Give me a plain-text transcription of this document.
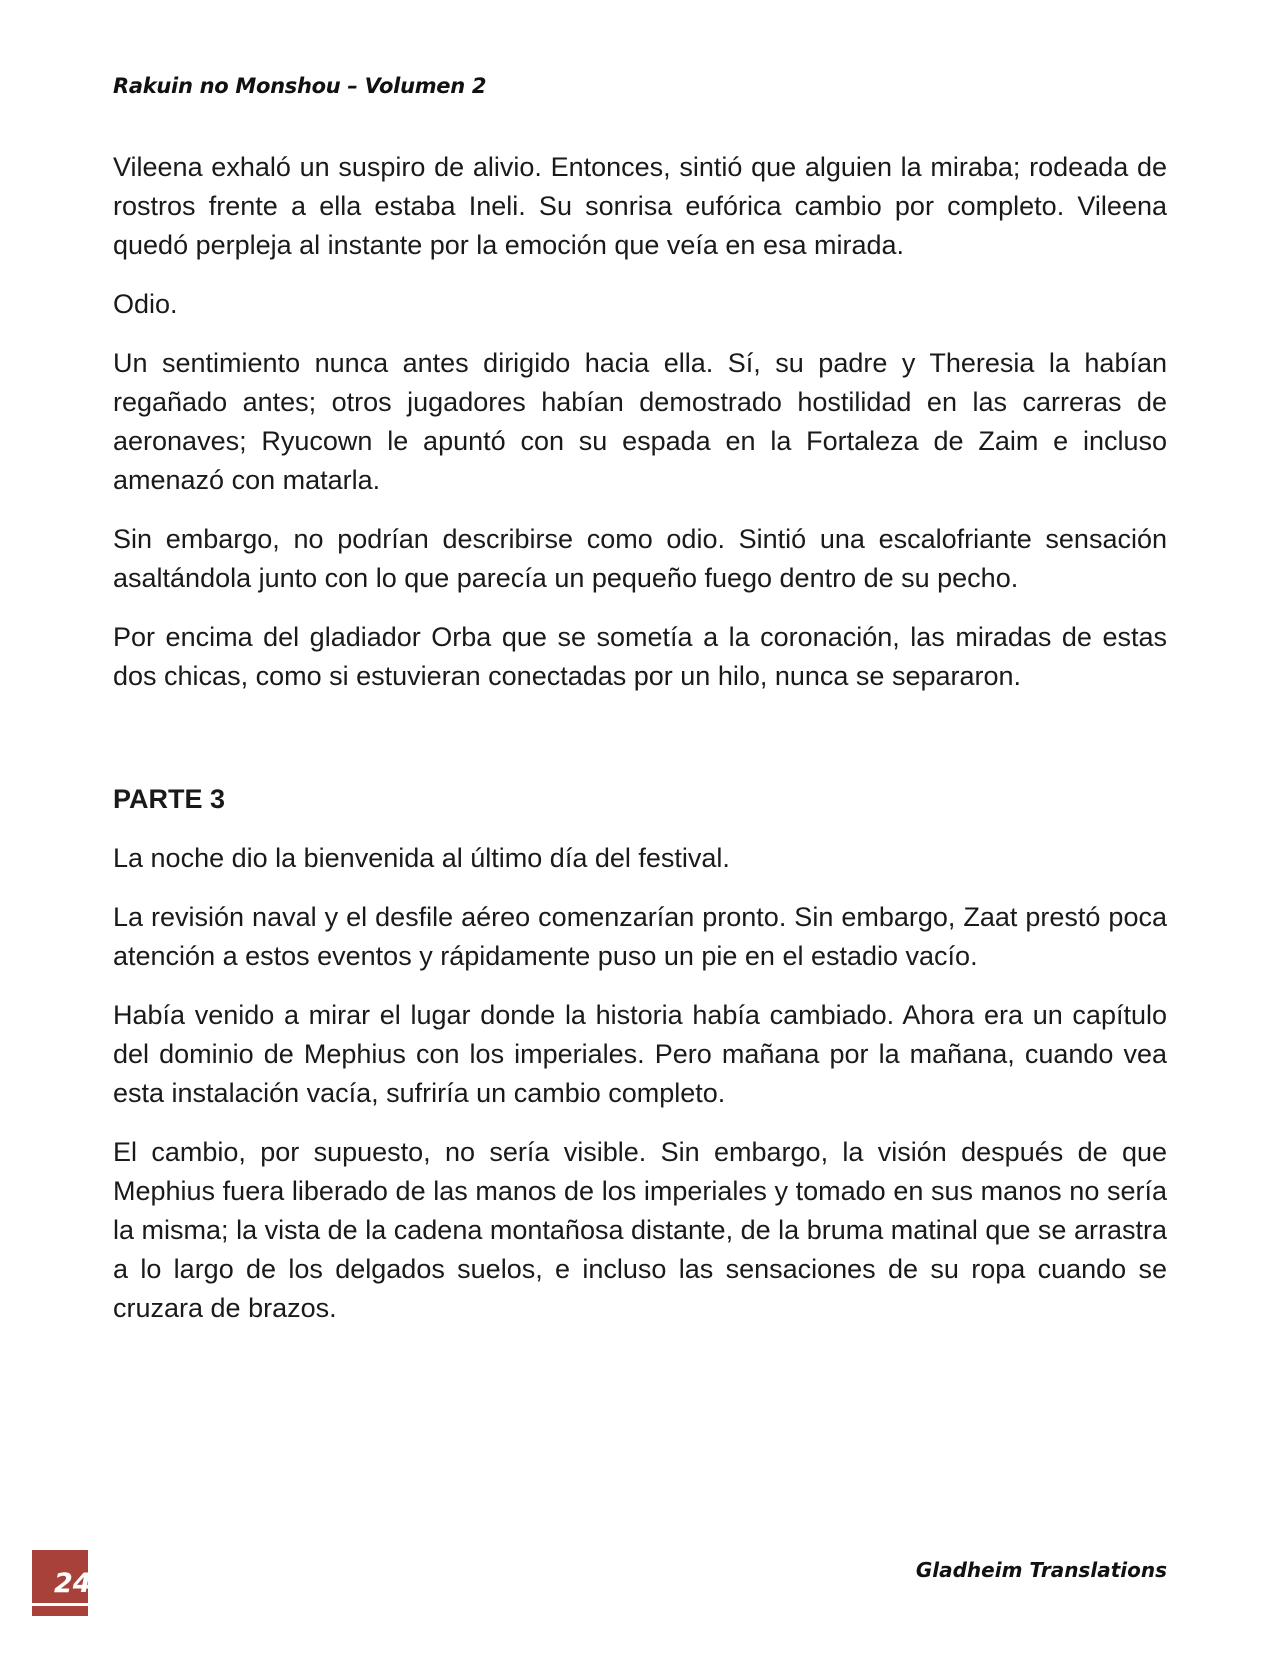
Rakuin no Monshou – Volumen 2

Vileena exhaló un suspiro de alivio. Entonces, sintió que alguien la miraba; rodeada de rostros frente a ella estaba Ineli. Su sonrisa eufórica cambio por completo. Vileena quedó perpleja al instante por la emoción que veía en esa mirada.

Odio.

Un sentimiento nunca antes dirigido hacia ella. Sí, su padre y Theresia la habían regañado antes; otros jugadores habían demostrado hostilidad en las carreras de aeronaves; Ryucown le apuntó con su espada en la Fortaleza de Zaim e incluso amenazó con matarla.

Sin embargo, no podrían describirse como odio. Sintió una escalofriante sensación asaltándola junto con lo que parecía un pequeño fuego dentro de su pecho.

Por encima del gladiador Orba que se sometía a la coronación, las miradas de estas dos chicas, como si estuvieran conectadas por un hilo, nunca se separaron.

PARTE 3

La noche dio la bienvenida al último día del festival.

La revisión naval y el desfile aéreo comenzarían pronto. Sin embargo, Zaat prestó poca atención a estos eventos y rápidamente puso un pie en el estadio vacío.

Había venido a mirar el lugar donde la historia había cambiado. Ahora era un capítulo del dominio de Mephius con los imperiales. Pero mañana por la mañana, cuando vea esta instalación vacía, sufriría un cambio completo.

El cambio, por supuesto, no sería visible. Sin embargo, la visión después de que Mephius fuera liberado de las manos de los imperiales y tomado en sus manos no sería la misma; la vista de la cadena montañosa distante, de la bruma matinal que se arrastra a lo largo de los delgados suelos, e incluso las sensaciones de su ropa cuando se cruzara de brazos.

24	Gladheim Translations
